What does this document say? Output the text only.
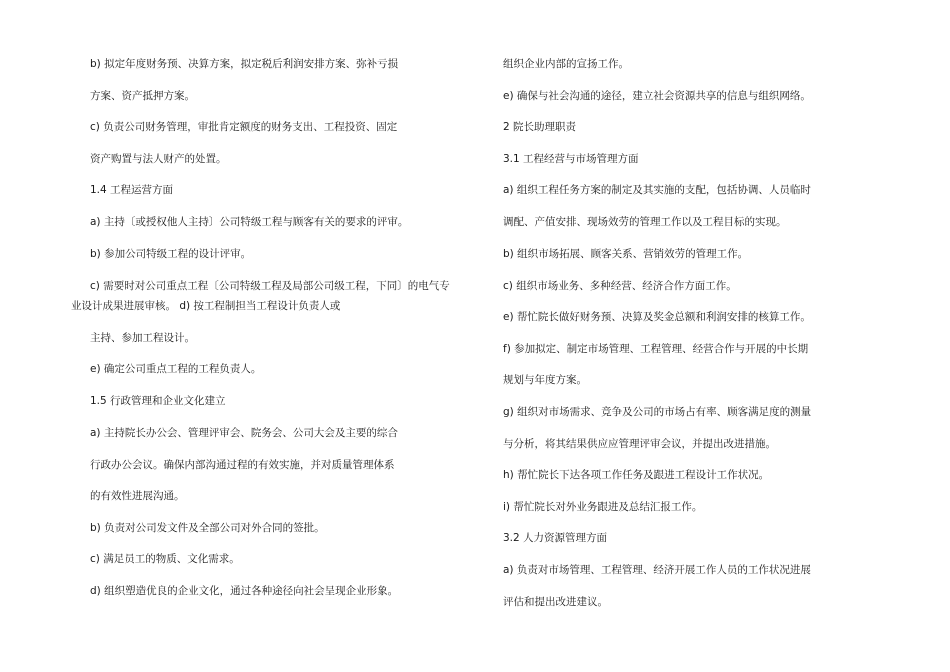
b) 拟定年度财务预、决算方案，拟定税后利润安排方案、弥补亏损
方案、资产抵押方案。
c) 负责公司财务管理，审批肯定额度的财务支出、工程投资、固定
资产购置与法人财产的处置。
1.4 工程运营方面
a) 主持〔或授权他人主持〕公司特级工程与顾客有关的要求的评审。
b) 参加公司特级工程的设计评审。
c) 需要时对公司重点工程〔公司特级工程及局部公司级工程，下同〕的电气专
业设计成果进展审核。 d) 按工程制担当工程设计负责人或
主持、参加工程设计。
e) 确定公司重点工程的工程负责人。
1.5 行政管理和企业文化建立
a) 主持院长办公会、管理评审会、院务会、公司大会及主要的综合
行政办公会议。确保内部沟通过程的有效实施，并对质量管理体系
的有效性进展沟通。
b) 负责对公司发文件及全部公司对外合同的签批。
c) 满足员工的物质、文化需求。
d) 组织塑造优良的企业文化，通过各种途径向社会呈现企业形象。
组织企业内部的宣扬工作。
e) 确保与社会沟通的途径，建立社会资源共享的信息与组织网络。
2 院长助理职责
3.1 工程经营与市场管理方面
a) 组织工程任务方案的制定及其实施的支配，包括协调、人员临时
调配、产值安排、现场效劳的管理工作以及工程目标的实现。
b) 组织市场拓展、顾客关系、营销效劳的管理工作。
c) 组织市场业务、多种经营、经济合作方面工作。
e) 帮忙院长做好财务预、决算及奖金总额和利润安排的核算工作。
f) 参加拟定、制定市场管理、工程管理、经营合作与开展的中长期
规划与年度方案。
g) 组织对市场需求、竞争及公司的市场占有率、顾客满足度的测量
与分析，将其结果供应应管理评审会议，并提出改进措施。
h) 帮忙院长下达各项工作任务及跟进工程设计工作状况。
i) 帮忙院长对外业务跟进及总结汇报工作。
3.2 人力资源管理方面
a) 负责对市场管理、工程管理、经济开展工作人员的工作状况进展
评估和提出改进建议。
